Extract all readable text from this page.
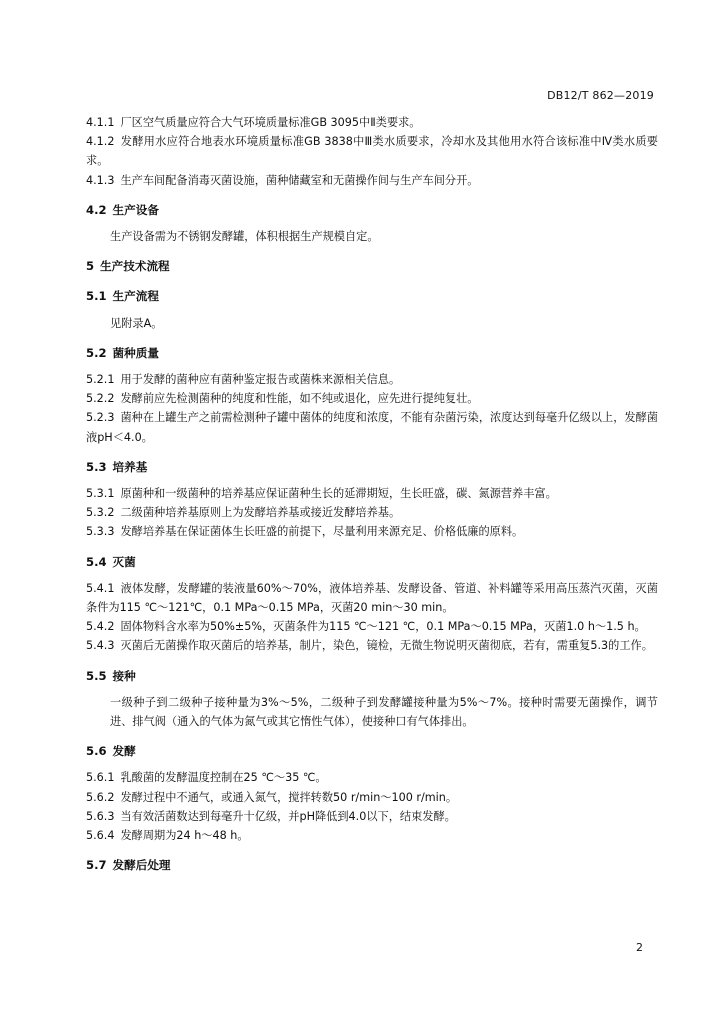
DB12/T 862—2019

4.1.1 厂区空气质量应符合大气环境质量标准GB 3095中Ⅱ类要求。

4.1.2 发酵用水应符合地表水环境质量标准GB 3838中Ⅲ类水质要求，冷却水及其他用水符合该标准中Ⅳ类水质要求。

4.1.3 生产车间配备消毒灭菌设施，菌种储藏室和无菌操作间与生产车间分开。

4.2 生产设备

生产设备需为不锈钢发酵罐，体积根据生产规模自定。

5 生产技术流程

5.1 生产流程

见附录A。

5.2 菌种质量

5.2.1 用于发酵的菌种应有菌种鉴定报告或菌株来源相关信息。

5.2.2 发酵前应先检测菌种的纯度和性能，如不纯或退化，应先进行提纯复壮。

5.2.3 菌种在上罐生产之前需检测种子罐中菌体的纯度和浓度，不能有杂菌污染，浓度达到每毫升亿级以上，发酵菌液pH＜4.0。

5.3 培养基

5.3.1 原菌种和一级菌种的培养基应保证菌种生长的延滞期短，生长旺盛，碳、氮源营养丰富。

5.3.2 二级菌种培养基原则上为发酵培养基或接近发酵培养基。

5.3.3 发酵培养基在保证菌体生长旺盛的前提下，尽量利用来源充足、价格低廉的原料。

5.4 灭菌

5.4.1 液体发酵，发酵罐的装液量60%～70%，液体培养基、发酵设备、管道、补料罐等采用高压蒸汽灭菌，灭菌条件为115 ℃～121℃，0.1 MPa～0.15 MPa，灭菌20 min～30 min。

5.4.2 固体物料含水率为50%±5%，灭菌条件为115 ℃～121 ℃，0.1 MPa～0.15 MPa，灭菌1.0 h～1.5 h。

5.4.3 灭菌后无菌操作取灭菌后的培养基，制片，染色，镜检，无微生物说明灭菌彻底，若有，需重复5.3的工作。

5.5 接种

一级种子到二级种子接种量为3%～5%，二级种子到发酵罐接种量为5%～7%。接种时需要无菌操作，调节进、排气阀（通入的气体为氮气或其它惰性气体），使接种口有气体排出。

5.6 发酵

5.6.1 乳酸菌的发酵温度控制在25 ℃～35 ℃。

5.6.2 发酵过程中不通气，或通入氮气，搅拌转数50 r/min～100 r/min。

5.6.3 当有效活菌数达到每毫升十亿级，并pH降低到4.0以下，结束发酵。

5.6.4 发酵周期为24 h～48 h。

5.7 发酵后处理

2
